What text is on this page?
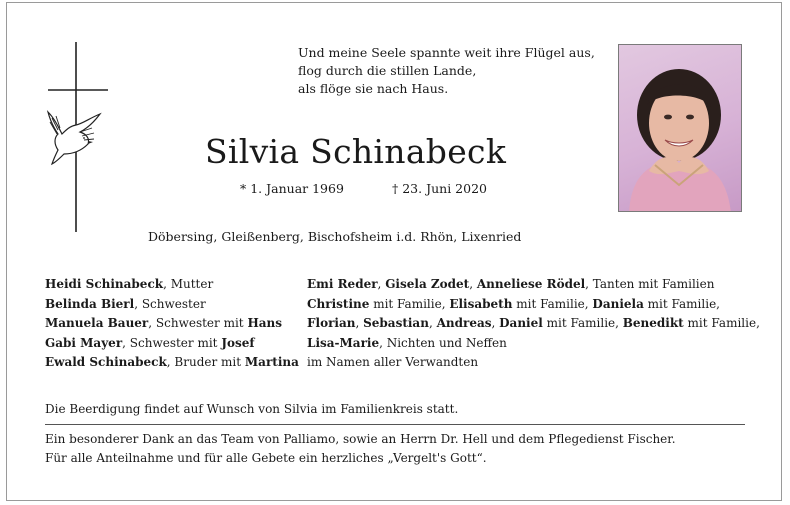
Und meine Seele spannte weit ihre Flügel aus,
flog durch die stillen Lande,
als flöge sie nach Haus.
Silvia Schinabeck
* 1. Januar 1969	† 23. Juni 2020
Döbersing, Gleißenberg, Bischofsheim i.d. Rhön, Lixenried
Heidi Schinabeck, Mutter
Belinda Bierl, Schwester
Manuela Bauer, Schwester mit Hans
Gabi Mayer, Schwester mit Josef
Ewald Schinabeck, Bruder mit Martina
Emi Reder, Gisela Zodet, Anneliese Rödel, Tanten mit Familien
Christine mit Familie, Elisabeth mit Familie, Daniela mit Familie,
Florian, Sebastian, Andreas, Daniel mit Familie, Benedikt mit Familie,
Lisa-Marie, Nichten und Neffen
im Namen aller Verwandten
Die Beerdigung findet auf Wunsch von Silvia im Familienkreis statt.
Ein besonderer Dank an das Team von Palliamo, sowie an Herrn Dr. Hell und dem Pflegedienst Fischer.
Für alle Anteilnahme und für alle Gebete ein herzliches „Vergelt's Gott“.
